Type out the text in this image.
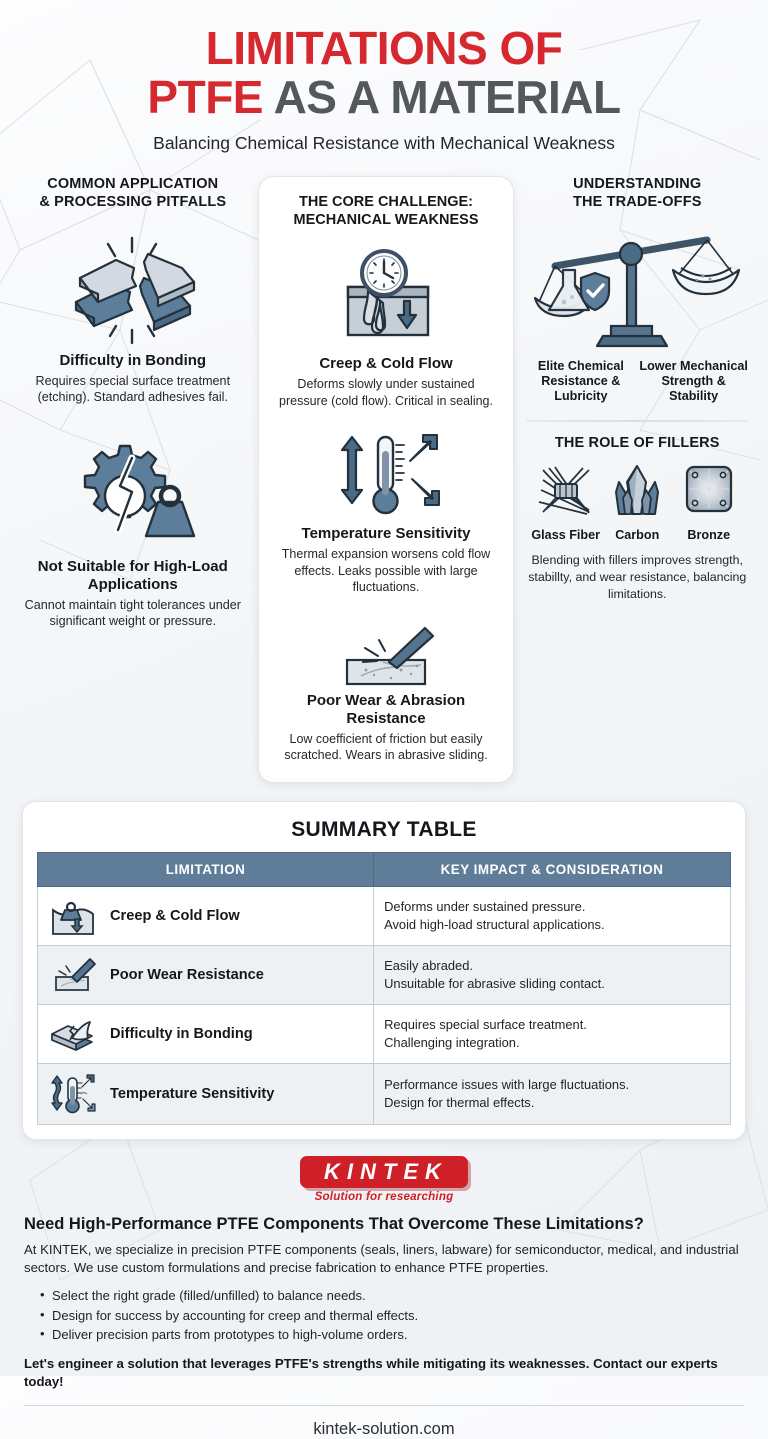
LIMITATIONS OF
PTFE AS A MATERIAL
Balancing Chemical Resistance with Mechanical Weakness
COMMON APPLICATION
& PROCESSING PITFALLS
Difficulty in Bonding
Requires special surface treatment (etching). Standard adhesives fail.
Not Suitable for High-Load Applications
Cannot maintain tight tolerances under significant weight or pressure.
THE CORE CHALLENGE:
MECHANICAL WEAKNESS
Creep & Cold Flow
Deforms slowly under sustained pressure (cold flow). Critical in sealing.
Temperature Sensitivity
Thermal expansion worsens cold flow effects. Leaks possible with large fluctuations.
Poor Wear & Abrasion Resistance
Low coefficient of friction but easily scratched. Wears in abrasive sliding.
UNDERSTANDING
THE TRADE-OFFS
Elite Chemical Resistance & Lubricity
Lower Mechanical Strength & Stability
THE ROLE OF FILLERS
Glass Fiber	Carbon	Bronze
Blending with fillers improves strength, stabillty, and wear resistance, balancing limitations.
SUMMARY TABLE
LIMITATION	KEY IMPACT & CONSIDERATION

Creep & Cold Flow	Deforms under sustained pressure.
Avoid high-load structural applications.

Poor Wear Resistance	Easily abraded.
Unsuitable for abrasive sliding contact.

Difficulty in Bonding	Requires special surface treatment.
Challenging integration.

Temperature Sensitivity	Performance issues with large fluctuations.
Design for thermal effects.
KINTEK
Solution for researching
Need High-Performance PTFE Components That Overcome These Limitations?

At KINTEK, we specialize in precision PTFE components (seals, liners, labware) for semiconductor, medical, and industrial sectors. We use custom formulations and precise fabrication to enhance PTFE properties.

• Select the right grade (filled/unfilled) to balance needs.
• Design for success by accounting for creep and thermal effects.
• Deliver precision parts from prototypes to high-volume orders.
Let's engineer a solution that leverages PTFE's strengths while mitigating its weaknesses. Contact our experts today!
kintek-solution.com
